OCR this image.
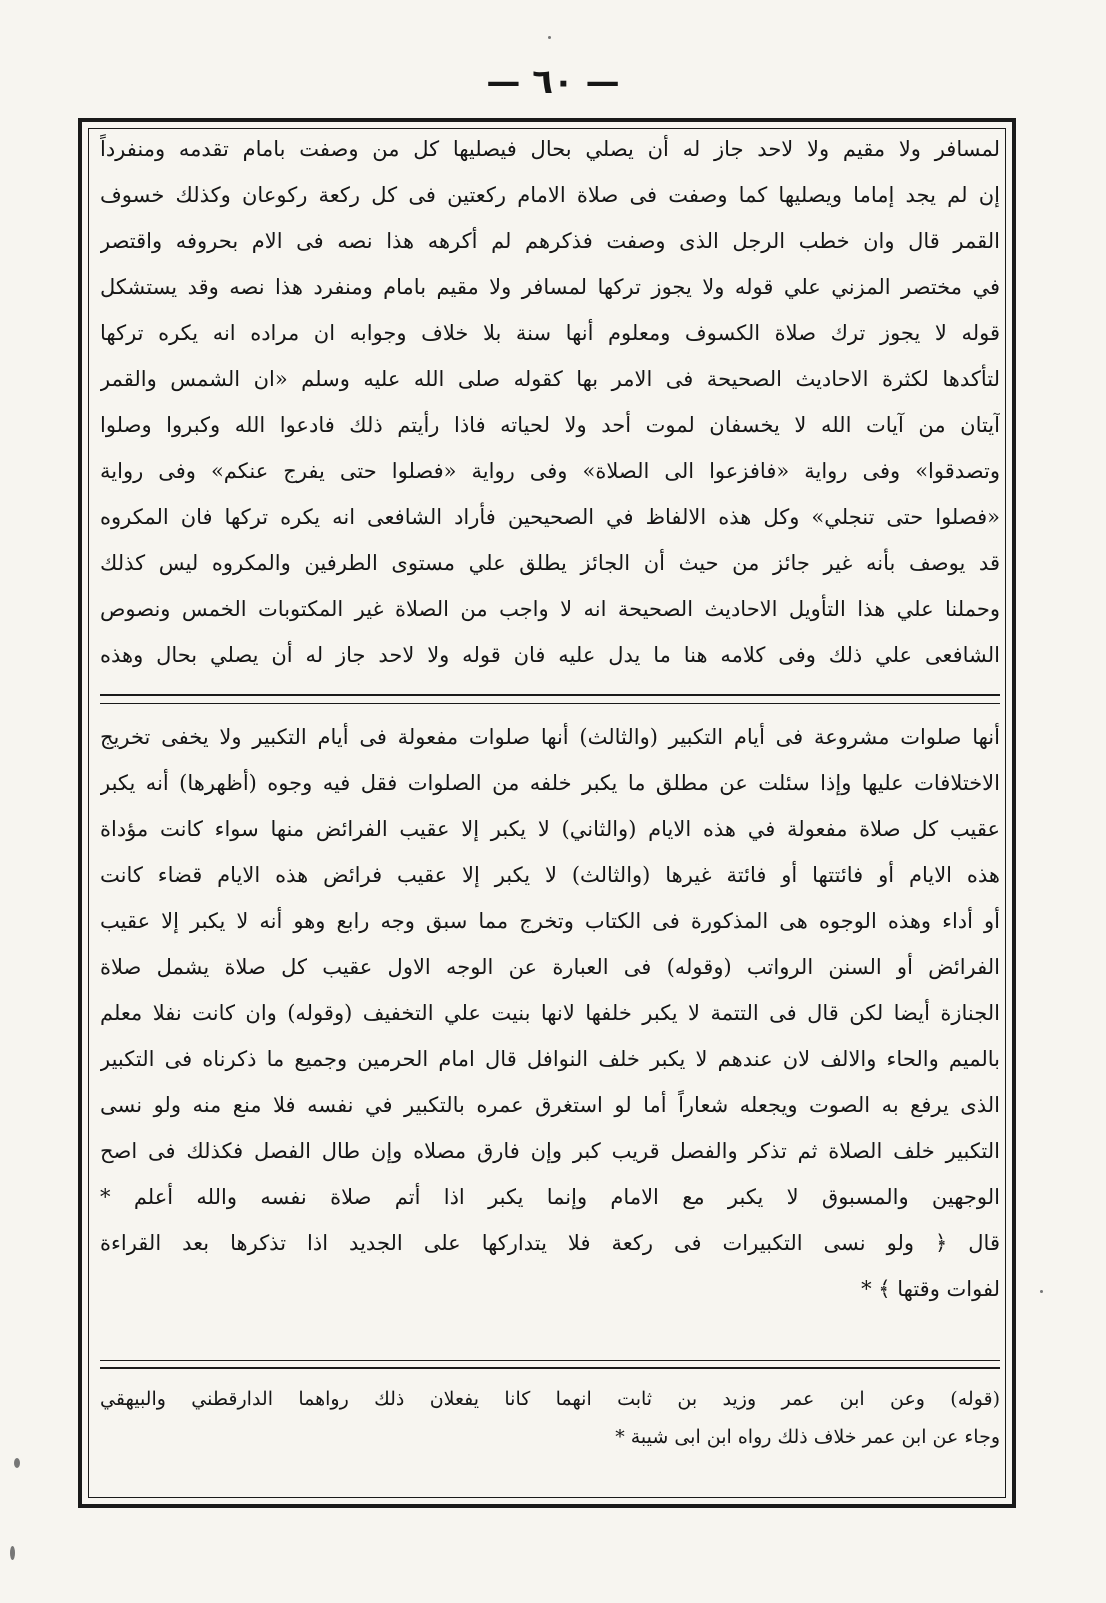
— ٦٠ —
لمسافر ولا مقيم ولا لاحد جاز له أن يصلي بحال فيصليها كل من وصفت بامام تقدمه ومنفرداً
إن لم يجد إماما ويصليها كما وصفت فى صلاة الامام ركعتين فى كل ركعة ركوعان وكذلك خسوف
القمر قال وان خطب الرجل الذى وصفت فذكرهم لم أكرهه هذا نصه فى الام بحروفه واقتصر
في مختصر المزني علي قوله ولا يجوز تركها لمسافر ولا مقيم بامام ومنفرد هذا نصه وقد يستشكل
قوله لا يجوز ترك صلاة الكسوف ومعلوم أنها سنة بلا خلاف وجوابه ان مراده انه يكره تركها
لتأكدها لكثرة الاحاديث الصحيحة فى الامر بها كقوله صلى الله عليه وسلم «ان الشمس والقمر
آيتان من آيات الله لا يخسفان لموت أحد ولا لحياته فاذا رأيتم ذلك فادعوا الله وكبروا وصلوا
وتصدقوا» وفى رواية «فافزعوا الى الصلاة» وفى رواية «فصلوا حتى يفرج عنكم» وفى رواية
«فصلوا حتى تنجلي» وكل هذه الالفاظ في الصحيحين فأراد الشافعى انه يكره تركها فان المكروه
قد يوصف بأنه غير جائز من حيث أن الجائز يطلق علي مستوى الطرفين والمكروه ليس كذلك
وحملنا علي هذا التأويل الاحاديث الصحيحة انه لا واجب من الصلاة غير المكتوبات الخمس ونصوص
الشافعى علي ذلك وفى كلامه هنا ما يدل عليه فان قوله ولا لاحد جاز له أن يصلي بحال وهذه
أنها صلوات مشروعة فى أيام التكبير (والثالث) أنها صلوات مفعولة فى أيام التكبير ولا يخفى تخريج
الاختلافات عليها وإذا سئلت عن مطلق ما يكبر خلفه من الصلوات فقل فيه وجوه (أظهرها) أنه يكبر
عقيب كل صلاة مفعولة في هذه الايام (والثاني) لا يكبر إلا عقيب الفرائض منها سواء كانت مؤداة
هذه الايام أو فائتتها أو فائتة غيرها (والثالث) لا يكبر إلا عقيب فرائض هذه الايام قضاء كانت
أو أداء وهذه الوجوه هى المذكورة فى الكتاب وتخرج مما سبق وجه رابع وهو أنه لا يكبر إلا عقيب
الفرائض أو السنن الرواتب (وقوله) فى العبارة عن الوجه الاول عقيب كل صلاة يشمل صلاة
الجنازة أيضا لكن قال فى التتمة لا يكبر خلفها لانها بنيت علي التخفيف (وقوله) وان كانت نفلا معلم
بالميم والحاء والالف لان عندهم لا يكبر خلف النوافل قال امام الحرمين وجميع ما ذكرناه فى التكبير
الذى يرفع به الصوت ويجعله شعاراً أما لو استغرق عمره بالتكبير في نفسه فلا منع منه ولو نسى
التكبير خلف الصلاة ثم تذكر والفصل قريب كبر وإن فارق مصلاه وإن طال الفصل فكذلك فى اصح
الوجهين والمسبوق لا يكبر مع الامام وإنما يكبر اذا أتم صلاة نفسه والله أعلم *
قال ﴿ ولو نسى التكبيرات فى ركعة فلا يتداركها على الجديد اذا تذكرها بعد القراءة
لفوات وقتها ﴾ *
(قوله) وعن ابن عمر وزيد بن ثابت انهما كانا يفعلان ذلك رواهما الدارقطني والبيهقي
وجاء عن ابن عمر خلاف ذلك رواه ابن ابى شيبة *
